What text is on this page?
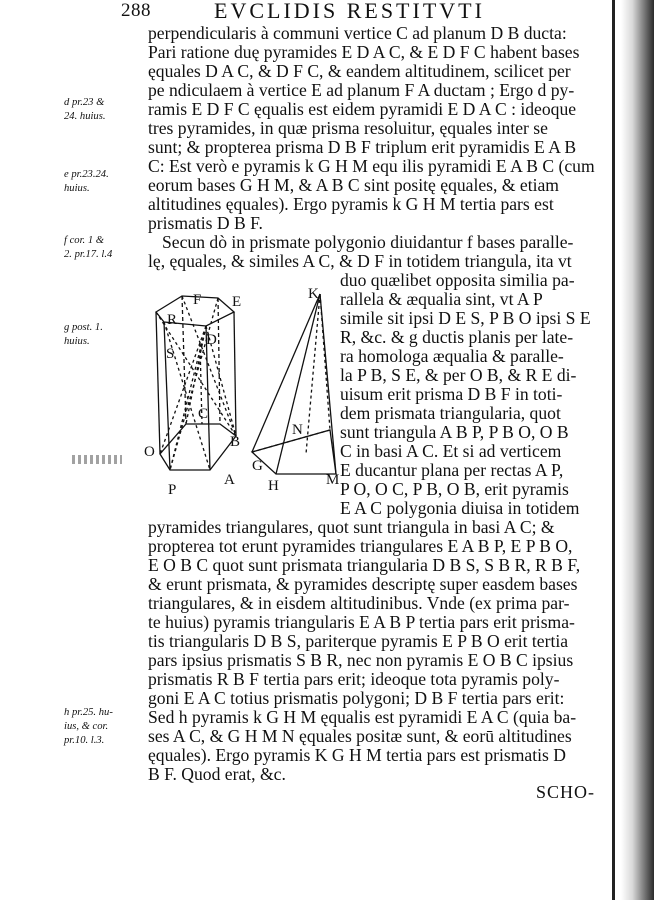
288	EVCLIDIS RESTITVTI
perpendicularis à communi vertice C ad planum D B ducta:
Pari ratione duę pyramides E D A C, & E D F C habent bases
ęquales D A C, & D F C, & eandem altitudinem, scilicet per
pe ndiculaem à vertice E ad planum F A ductam ; Ergo d py-
ramis E D F C ęqualis est eidem pyramidi E D A C : ideoque
tres pyramides, in quæ prisma resoluitur, ęquales inter se
sunt; & propterea prisma D B F triplum erit pyramidis E A B
C: Est verò e pyramis k G H M equ ilis pyramidi E A B C (cum
eorum bases G H M, & A B C sint positę ęquales, & etiam
altitudines ęquales). Ergo pyramis k G H M tertia pars est
prismatis D B F.
Secun dò in prismate polygonio diuidantur f bases paralle-
lę, ęquales, & similes A C, & D F in totidem triangula, ita vt
duo quælibet opposita similia pa-
rallela & æqualia sint, vt A P
simile sit ipsi D E S, P B O ipsi S E
R, &c. & g ductis planis per late-
ra homologa æqualia & paralle-
la P B, S E, & per O B, & R E di-
uisum erit prisma D B F in toti-
dem prismata triangularia, quot
sunt triangula A B P, P B O, O B
C in basi A C. Et si ad verticem
E ducantur plana per rectas A P,
P O, O C, P B, O B, erit pyramis
E A C polygonia diuisa in totidem
pyramides triangulares, quot sunt triangula in basi A C; &
propterea tot erunt pyramides triangulares E A B P, E P B O,
E O B C quot sunt prismata triangularia D B S, S B R, R B F,
& erunt prismata, & pyramides descriptę super easdem bases
triangulares, & in eisdem altitudinibus. Vnde (ex prima par-
te huius) pyramis triangularis E A B P tertia pars erit prisma-
tis triangularis D B S, pariterque pyramis E P B O erit tertia
pars ipsius prismatis S B R, nec non pyramis E O B C ipsius
prismatis R B F tertia pars erit; ideoque tota pyramis poly-
goni E A C totius prismatis polygoni; D B F tertia pars erit:
Sed h pyramis k G H M ęqualis est pyramidi E A C (quia ba-
ses A C, & G H M N ęquales positæ sunt, & eorū altitudines
ęquales). Ergo pyramis K G H M tertia pars est prismatis D
B F. Quod erat, &c.
d pr.23 &
24. huius.
e pr.23.24.
huius.
f cor. 1 &
2. pr.17. l.4
g post. 1.
huius.
h pr.25. hu-
ius, & cor.
pr.10. l.3.
F E
R
D
S
C
B
O
P
A
K
N
G
H	M
SCHO-
